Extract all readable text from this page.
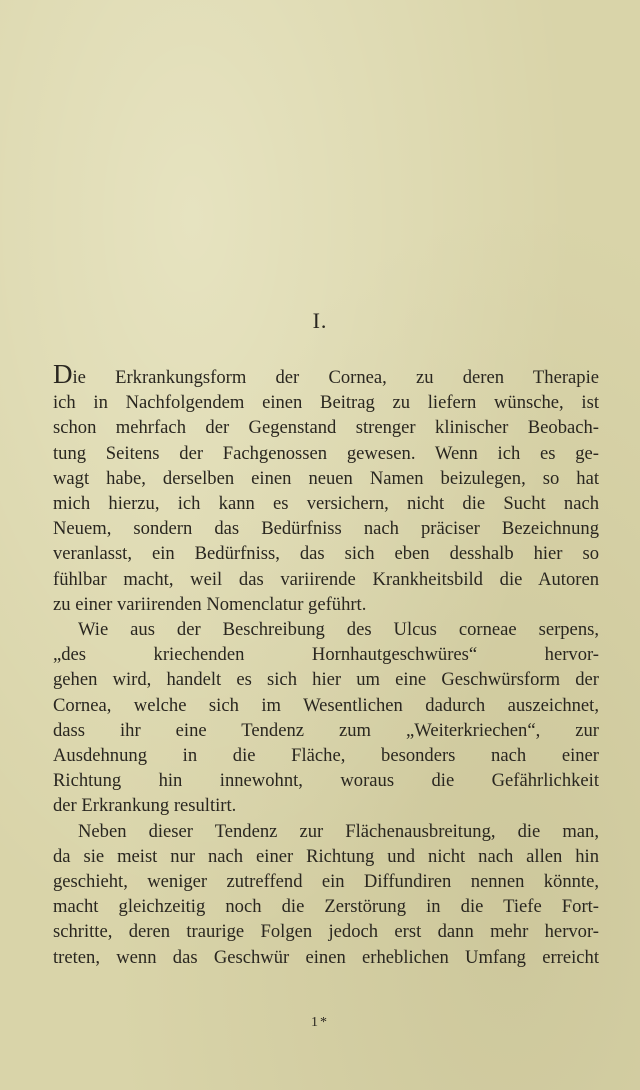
I.

Die Erkrankungsform der Cornea, zu deren Therapie
ich in Nachfolgendem einen Beitrag zu liefern wünsche, ist
schon mehrfach der Gegenstand strenger klinischer Beobach-
tung Seitens der Fachgenossen gewesen. Wenn ich es ge-
wagt habe, derselben einen neuen Namen beizulegen, so hat
mich hierzu, ich kann es versichern, nicht die Sucht nach
Neuem, sondern das Bedürfniss nach präciser Bezeichnung
veranlasst, ein Bedürfniss, das sich eben desshalb hier so
fühlbar macht, weil das variirende Krankheitsbild die Autoren
zu einer variirenden Nomenclatur geführt.

Wie aus der Beschreibung des Ulcus corneae serpens,
„des kriechenden Hornhautgeschwüres“ hervor-
gehen wird, handelt es sich hier um eine Geschwürsform der
Cornea, welche sich im Wesentlichen dadurch auszeichnet,
dass ihr eine Tendenz zum „Weiterkriechen“, zur
Ausdehnung in die Fläche, besonders nach einer
Richtung hin innewohnt, woraus die Gefährlichkeit
der Erkrankung resultirt.

Neben dieser Tendenz zur Flächenausbreitung, die man,
da sie meist nur nach einer Richtung und nicht nach allen hin
geschieht, weniger zutreffend ein Diffundiren nennen könnte,
macht gleichzeitig noch die Zerstörung in die Tiefe Fort-
schritte, deren traurige Folgen jedoch erst dann mehr hervor-
treten, wenn das Geschwür einen erheblichen Umfang erreicht

1*
